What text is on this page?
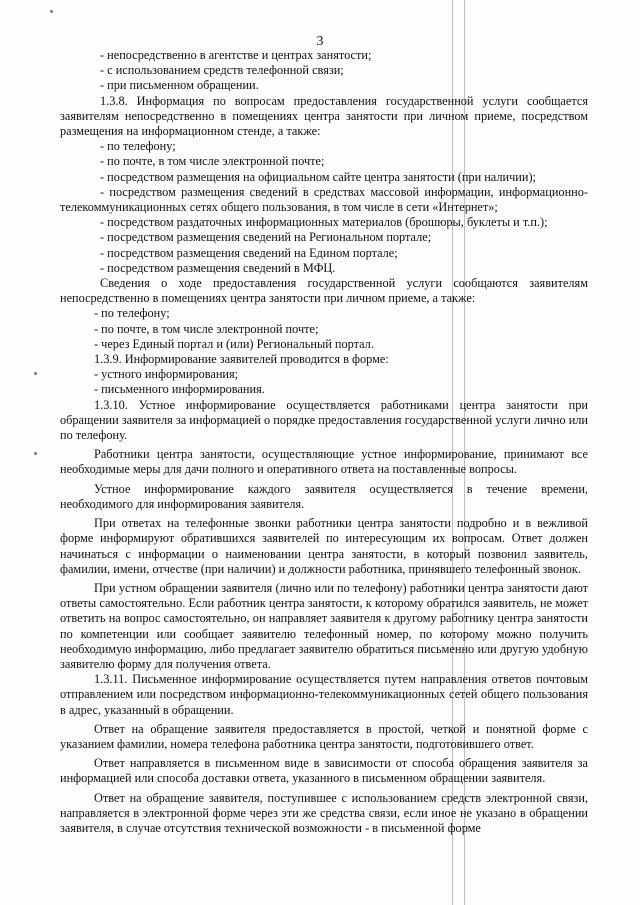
3

- непосредственно в агентстве и центрах занятости;

- с использованием средств телефонной связи;

- при письменном обращении.

1.3.8. Информация по вопросам предоставления государственной услуги сообщается заявителям непосредственно в помещениях центра занятости при личном приеме, посредством размещения на информационном стенде, а также:

- по телефону;

- по почте, в том числе электронной почте;

- посредством размещения на официальном сайте центра занятости (при наличии);

- посредством размещения сведений в средствах массовой информации, информационно-телекоммуникационных сетях общего пользования, в том числе в сети «Интернет»;

- посредством раздаточных информационных материалов (брошюры, буклеты и т.п.);

- посредством размещения сведений на Региональном портале;

- посредством размещения сведений на Едином портале;

- посредством размещения сведений в МФЦ.

Сведения о ходе предоставления государственной услуги сообщаются заявителям непосредственно в помещениях центра занятости при личном приеме, а также:

- по телефону;

- по почте, в том числе электронной почте;

- через Единый портал и (или) Региональный портал.

1.3.9. Информирование заявителей проводится в форме:

- устного информирования;

- письменного информирования.

1.3.10. Устное информирование осуществляется работниками центра занятости при обращении заявителя за информацией о порядке предоставления государственной услуги лично или по телефону.

Работники центра занятости, осуществляющие устное информирование, принимают все необходимые меры для дачи полного и оперативного ответа на поставленные вопросы.

Устное информирование каждого заявителя осуществляется в течение времени, необходимого для информирования заявителя.

При ответах на телефонные звонки работники центра занятости подробно и в вежливой форме информируют обратившихся заявителей по интересующим их вопросам. Ответ должен начинаться с информации о наименовании центра занятости, в который позвонил заявитель, фамилии, имени, отчестве (при наличии) и должности работника, принявшего телефонный звонок.

При устном обращении заявителя (лично или по телефону) работники центра занятости дают ответы самостоятельно. Если работник центра занятости, к которому обратился заявитель, не может ответить на вопрос самостоятельно, он направляет заявителя к другому работнику центра занятости по компетенции или сообщает заявителю телефонный номер, по которому можно получить необходимую информацию, либо предлагает заявителю обратиться письменно или другую удобную заявителю форму для получения ответа.

1.3.11. Письменное информирование осуществляется путем направления ответов почтовым отправлением или посредством информационно-телекоммуникационных сетей общего пользования в адрес, указанный в обращении.

Ответ на обращение заявителя предоставляется в простой, четкой и понятной форме с указанием фамилии, номера телефона работника центра занятости, подготовившего ответ.

Ответ направляется в письменном виде в зависимости от способа обращения заявителя за информацией или способа доставки ответа, указанного в письменном обращении заявителя.

Ответ на обращение заявителя, поступившее с использованием средств электронной связи, направляется в электронной форме через эти же средства связи, если иное не указано в обращении заявителя, в случае отсутствия технической возможности - в письменной форме
